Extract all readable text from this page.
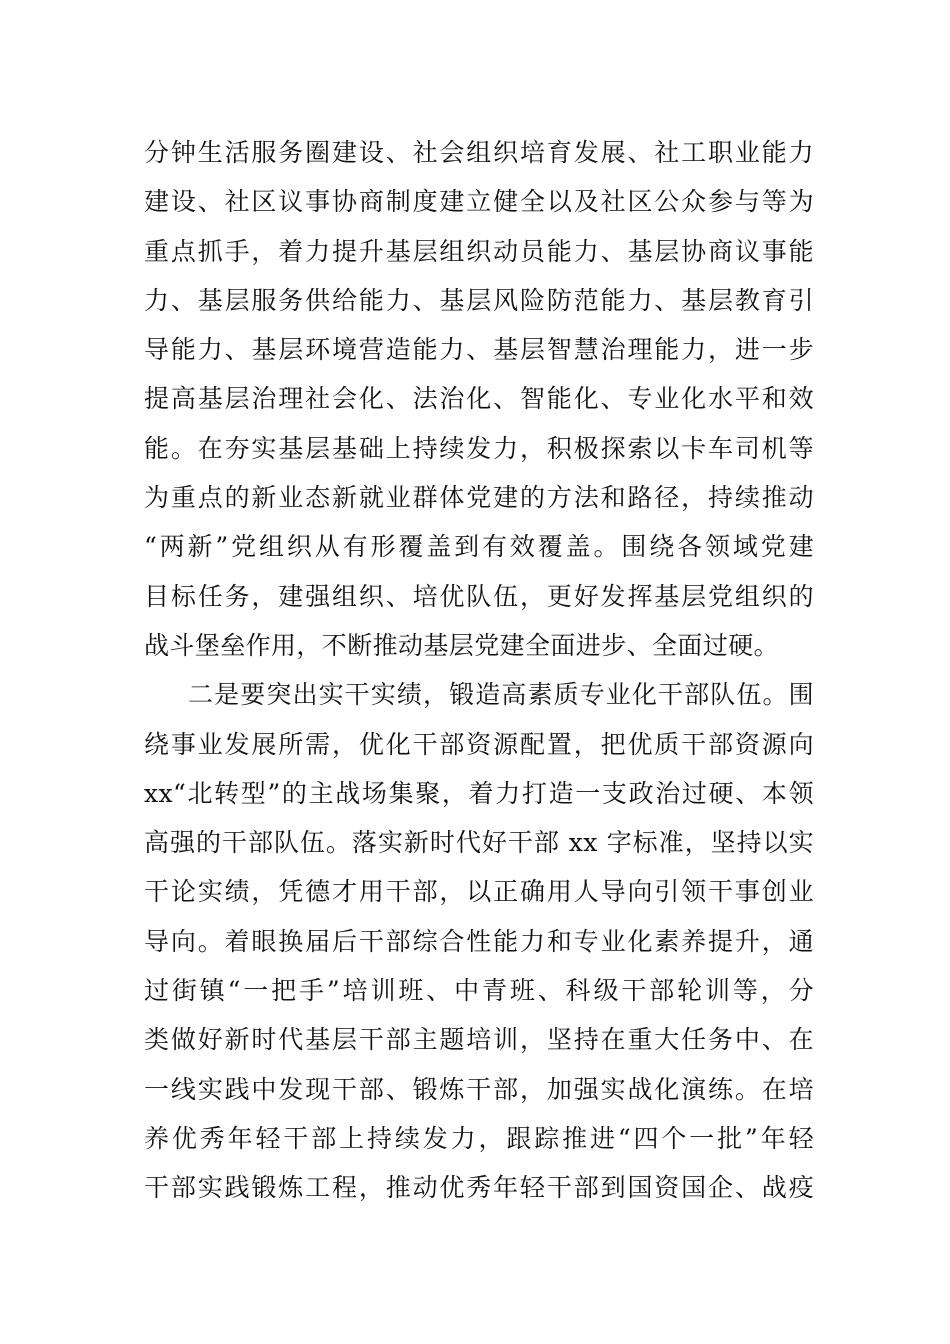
分钟生活服务圈建设、社会组织培育发展、社工职业能力
建设、社区议事协商制度建立健全以及社区公众参与等为
重点抓手，着力提升基层组织动员能力、基层协商议事能
力、基层服务供给能力、基层风险防范能力、基层教育引
导能力、基层环境营造能力、基层智慧治理能力，进一步
提高基层治理社会化、法治化、智能化、专业化水平和效
能。在夯实基层基础上持续发力，积极探索以卡车司机等
为重点的新业态新就业群体党建的方法和路径，持续推动
“两新”党组织从有形覆盖到有效覆盖。围绕各领域党建
目标任务，建强组织、培优队伍，更好发挥基层党组织的
战斗堡垒作用，不断推动基层党建全面进步、全面过硬。
二是要突出实干实绩，锻造高素质专业化干部队伍。围
绕事业发展所需，优化干部资源配置，把优质干部资源向
xx“北转型”的主战场集聚，着力打造一支政治过硬、本领
高强的干部队伍。落实新时代好干部 xx 字标准，坚持以实
干论实绩，凭德才用干部，以正确用人导向引领干事创业
导向。着眼换届后干部综合性能力和专业化素养提升，通
过街镇“一把手”培训班、中青班、科级干部轮训等，分
类做好新时代基层干部主题培训，坚持在重大任务中、在
一线实践中发现干部、锻炼干部，加强实战化演练。在培
养优秀年轻干部上持续发力，跟踪推进“四个一批”年轻
干部实践锻炼工程，推动优秀年轻干部到国资国企、战疫
